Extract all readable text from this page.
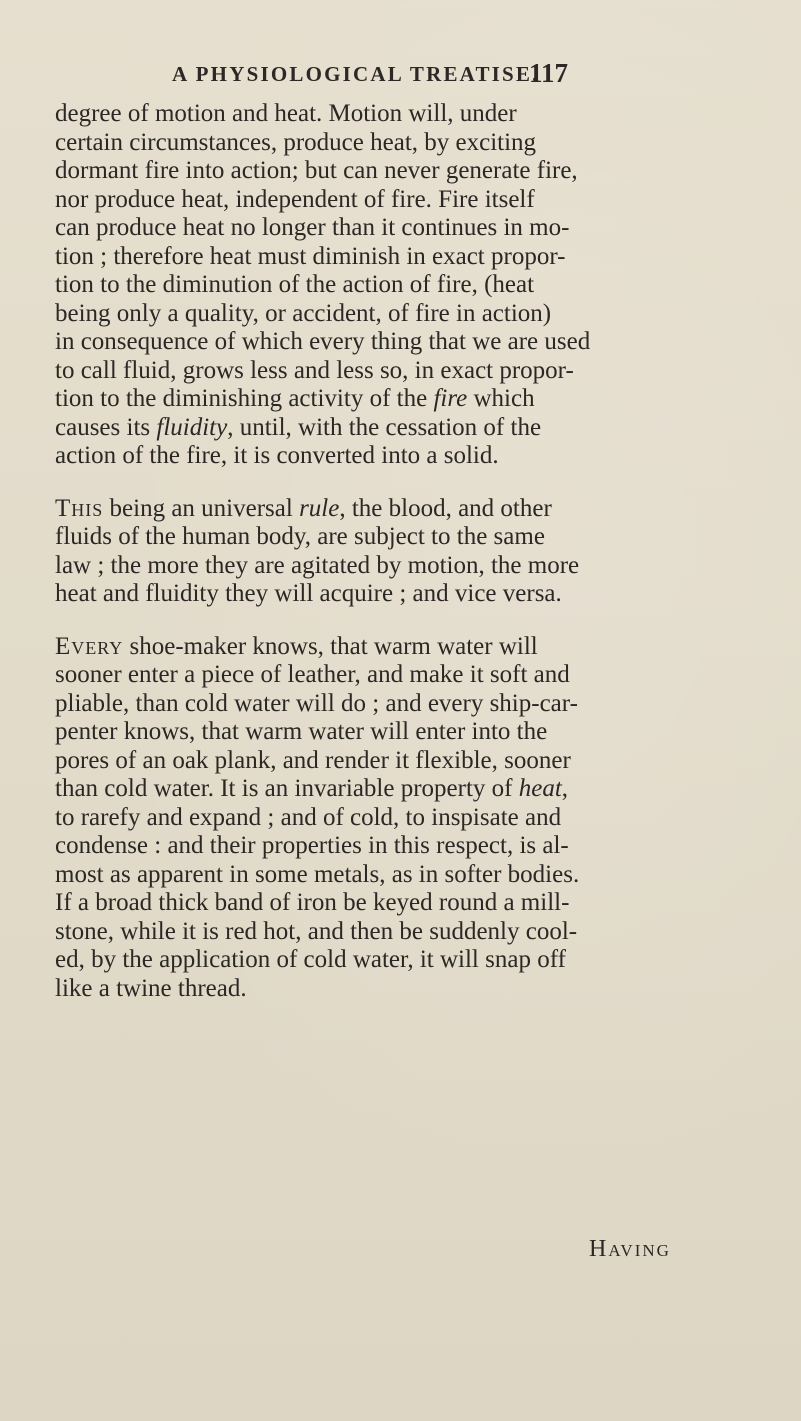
A PHYSIOLOGICAL TREATISE.
117
degree of motion and heat. Motion will, under
certain circumstances, produce heat, by exciting
dormant fire into action; but can never generate fire,
nor produce heat, independent of fire. Fire itself
can produce heat no longer than it continues in mo-
tion ; therefore heat must diminish in exact propor-
tion to the diminution of the action of fire, (heat
being only a quality, or accident, of fire in action)
in consequence of which every thing that we are used
to call fluid, grows less and less so, in exact propor-
tion to the diminishing activity of the fire which
causes its fluidity, until, with the cessation of the
action of the fire, it is converted into a solid.
This being an universal rule, the blood, and other
fluids of the human body, are subject to the same
law ; the more they are agitated by motion, the more
heat and fluidity they will acquire ; and vice versa.
Every shoe-maker knows, that warm water will
sooner enter a piece of leather, and make it soft and
pliable, than cold water will do ; and every ship-car-
penter knows, that warm water will enter into the
pores of an oak plank, and render it flexible, sooner
than cold water. It is an invariable property of heat,
to rarefy and expand ; and of cold, to inspisate and
condense : and their properties in this respect, is al-
most as apparent in some metals, as in softer bodies.
If a broad thick band of iron be keyed round a mill-
stone, while it is red hot, and then be suddenly cool-
ed, by the application of cold water, it will snap off
like a twine thread.
Having
